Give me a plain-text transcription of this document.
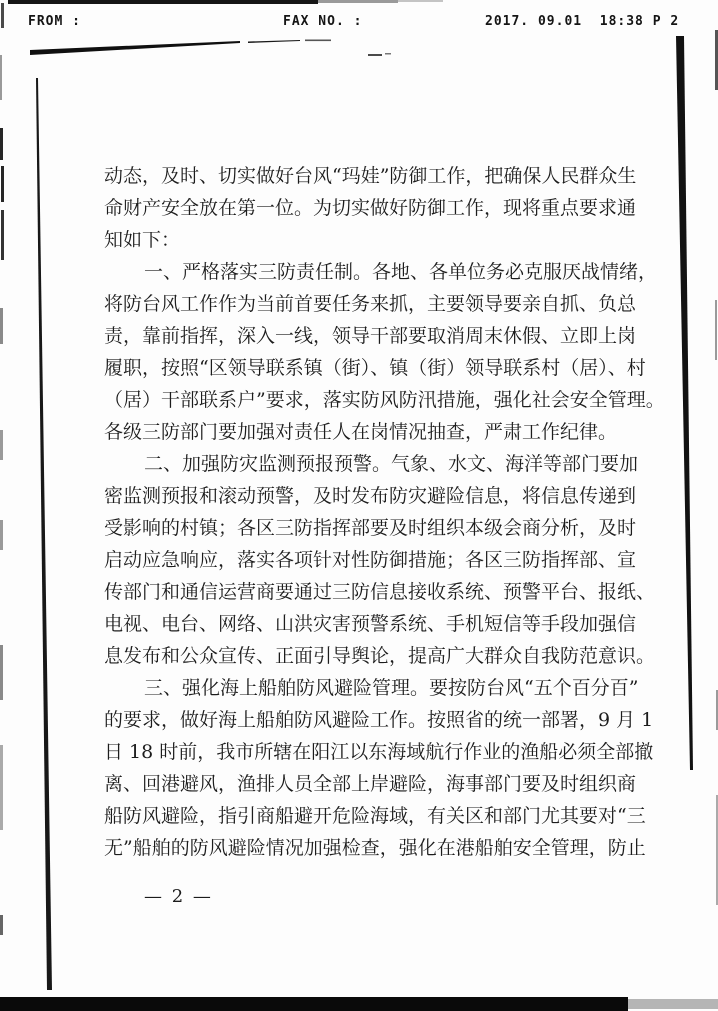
FROM :	FAX NO. :	2017. 09.01  18:38 P 2
动态，及时、切实做好台风“玛娃”防御工作，把确保人民群众生
命财产安全放在第一位。为切实做好防御工作，现将重点要求通
知如下：
一、严格落实三防责任制。各地、各单位务必克服厌战情绪，
将防台风工作作为当前首要任务来抓，主要领导要亲自抓、负总
责，靠前指挥，深入一线，领导干部要取消周末休假、立即上岗
履职，按照“区领导联系镇（街）、镇（街）领导联系村（居）、村
（居）干部联系户”要求，落实防风防汛措施，强化社会安全管理。
各级三防部门要加强对责任人在岗情况抽查，严肃工作纪律。
二、加强防灾监测预报预警。气象、水文、海洋等部门要加
密监测预报和滚动预警，及时发布防灾避险信息，将信息传递到
受影响的村镇；各区三防指挥部要及时组织本级会商分析，及时
启动应急响应，落实各项针对性防御措施；各区三防指挥部、宣
传部门和通信运营商要通过三防信息接收系统、预警平台、报纸、
电视、电台、网络、山洪灾害预警系统、手机短信等手段加强信
息发布和公众宣传、正面引导舆论，提高广大群众自我防范意识。
三、强化海上船舶防风避险管理。要按防台风“五个百分百”
的要求，做好海上船舶防风避险工作。按照省的统一部署，9 月 1
日 18 时前，我市所辖在阳江以东海域航行作业的渔船必须全部撤
离、回港避风，渔排人员全部上岸避险，海事部门要及时组织商
船防风避险，指引商船避开危险海域，有关区和部门尤其要对“三
无”船舶的防风避险情况加强检查，强化在港船舶安全管理，防止
— 2 —
